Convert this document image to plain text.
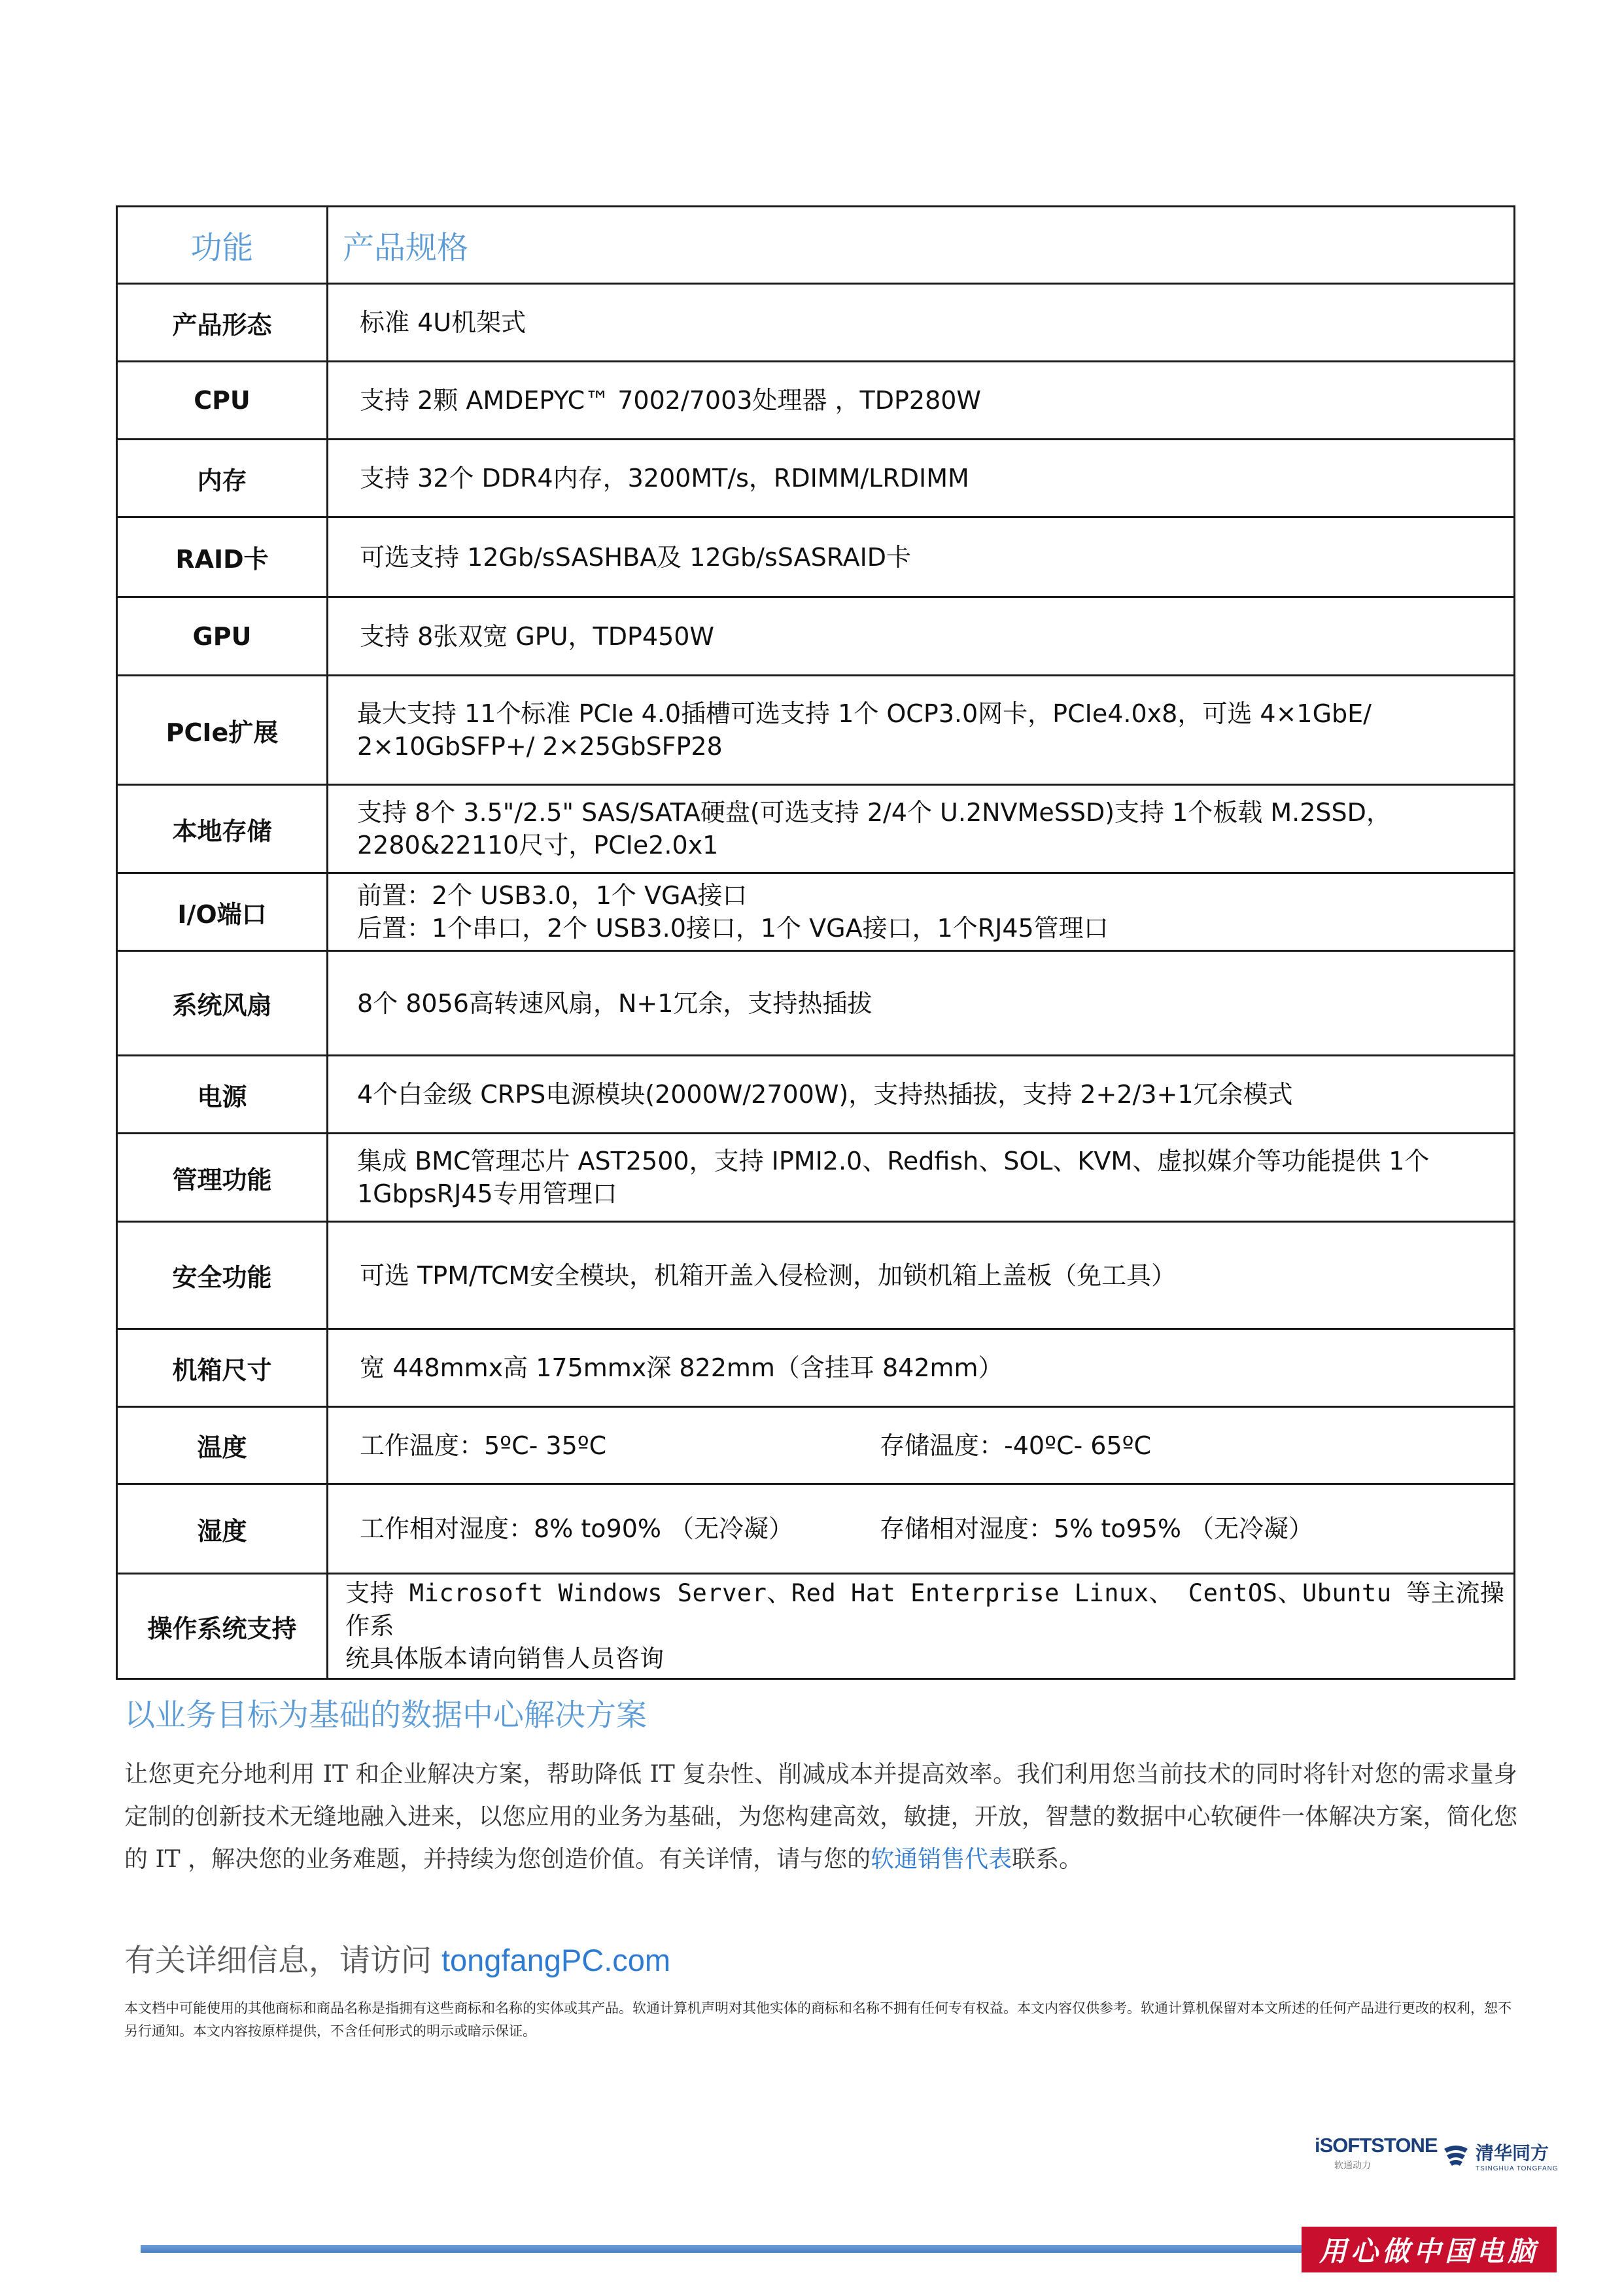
功能	产品规格
产品形态	标准 4U机架式

CPU	支持 2颗 AMDEPYC™ 7002/7003处理器 ，TDP280W

内存	支持 32个 DDR4内存，3200MT/s，RDIMM/LRDIMM

RAID卡	可选支持 12Gb/sSASHBA及 12Gb/sSASRAID卡

GPU	支持 8张双宽 GPU，TDP450W

PCIe扩展	最大支持 11个标准 PCIe 4.0插槽可选支持 1个 OCP3.0网卡，PCIe4.0x8，可选 4×1GbE/
2×10GbSFP+/ 2×25GbSFP28

本地存储	支持 8个 3.5"/2.5" SAS/SATA硬盘(可选支持 2/4个 U.2NVMeSSD)支持 1个板载 M.2SSD，
2280&22110尺寸，PCIe2.0x1

I/O端口	前置：2个 USB3.0，1个 VGA接口
后置：1个串口，2个 USB3.0接口，1个 VGA接口，1个RJ45管理口

系统风扇	8个 8056高转速风扇，N+1冗余，支持热插拔

电源	4个白金级 CRPS电源模块(2000W/2700W)，支持热插拔，支持 2+2/3+1冗余模式

管理功能	集成 BMC管理芯片 AST2500，支持 IPMI2.0、Redfish、SOL、KVM、虚拟媒介等功能提供 1个
1GbpsRJ45专用管理口

安全功能	可选 TPM/TCM安全模块，机箱开盖入侵检测，加锁机箱上盖板（免工具）

机箱尺寸	宽 448mmx高 175mmx深 822mm（含挂耳 842mm）

温度	工作温度：5ºC- 35ºC 存储温度：-40ºC- 65ºC

湿度	工作相对湿度：8% to90% （无冷凝） 存储相对湿度：5% to95% （无冷凝）

操作系统支持	支持 Microsoft Windows Server、Red Hat Enterprise Linux、 CentOS、Ubuntu 等主流操作系
统具体版本请向销售人员咨询
以业务目标为基础的数据中心解决方案
让您更充分地利用 IT 和企业解决方案，帮助降低 IT 复杂性、削减成本并提高效率。我们利用您当前技术的同时将针对您的需求量身定制的创新技术无缝地融入进来，以您应用的业务为基础，为您构建高效，敏捷，开放，智慧的数据中心软硬件一体解决方案，简化您的 IT ，解决您的业务难题，并持续为您创造价值。有关详情，请与您的软通销售代表联系。
有关详细信息，请访问 tongfangPC.com
本文档中可能使用的其他商标和商品名称是指拥有这些商标和名称的实体或其产品。软通计算机声明对其他实体的商标和名称不拥有任何专有权益。本文内容仅供参考。软通计算机保留对本文所述的任何产品进行更改的权利，恕不另行通知。本文内容按原样提供，不含任何形式的明示或暗示保证。
iSOFTSTONE
软通动力
清华同方
TSINGHUA TONGFANG
用心做中国电脑
